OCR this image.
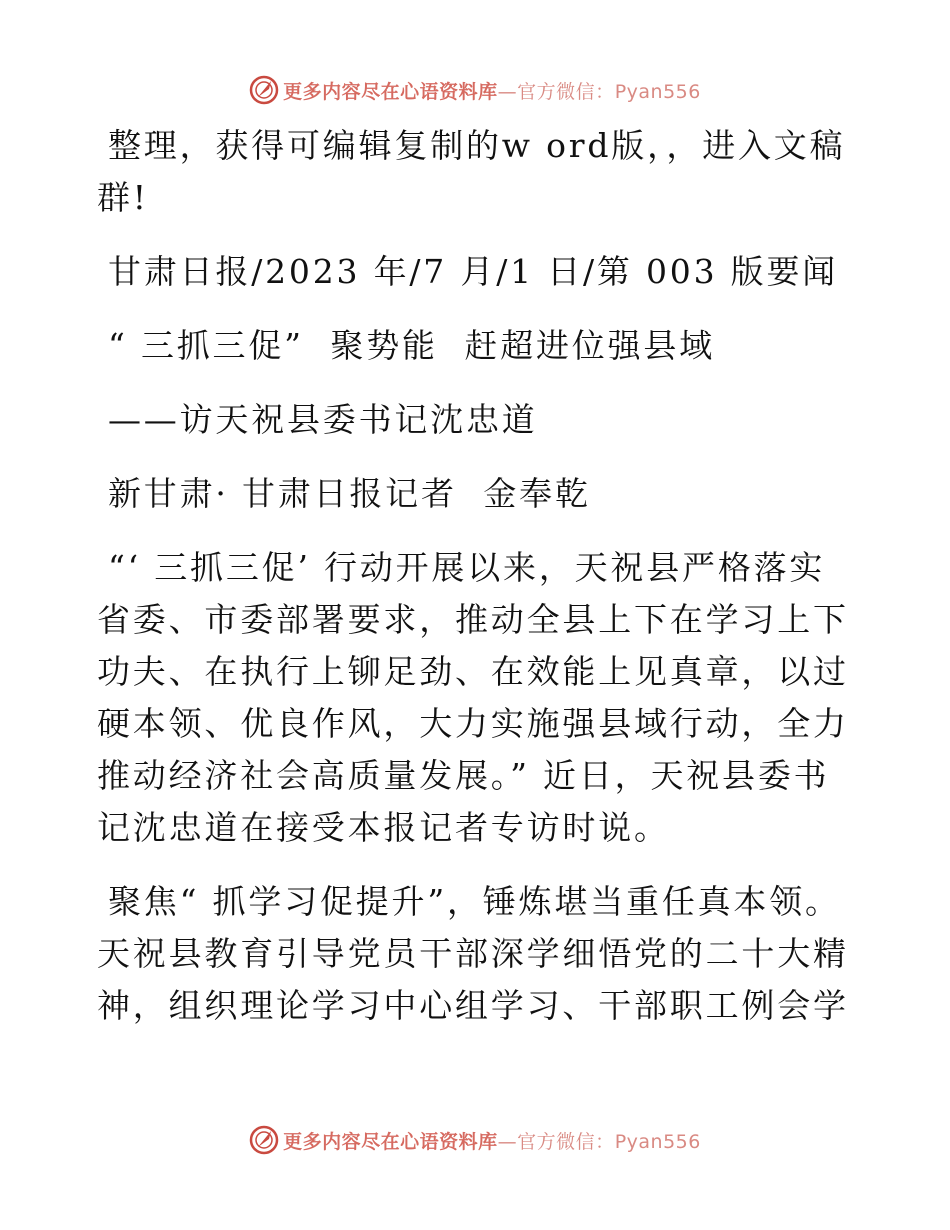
更多内容尽在心语资料库—官方微信：Pyan556

整理，获得可编辑复制的w ord版，，进入文稿群!

甘肃日报/2023 年/7 月/1 日/第 003 版要闻

“ 三抓三促”  聚势能  赶超进位强县域

——访天祝县委书记沈忠道

新甘肃· 甘肃日报记者  金奉乾

“‘ 三抓三促’ 行动开展以来，天祝县严格落实省委、市委部署要求，推动全县上下在学习上下功夫、在执行上铆足劲、在效能上见真章，以过硬本领、优良作风，大力实施强县域行动，全力推动经济社会高质量发展。” 近日，天祝县委书记沈忠道在接受本报记者专访时说。

聚焦“ 抓学习促提升”，锤炼堪当重任真本领。天祝县教育引导党员干部深学细悟党的二十大精神，组织理论学习中心组学习、干部职工例会学

更多内容尽在心语资料库—官方微信：Pyan556
